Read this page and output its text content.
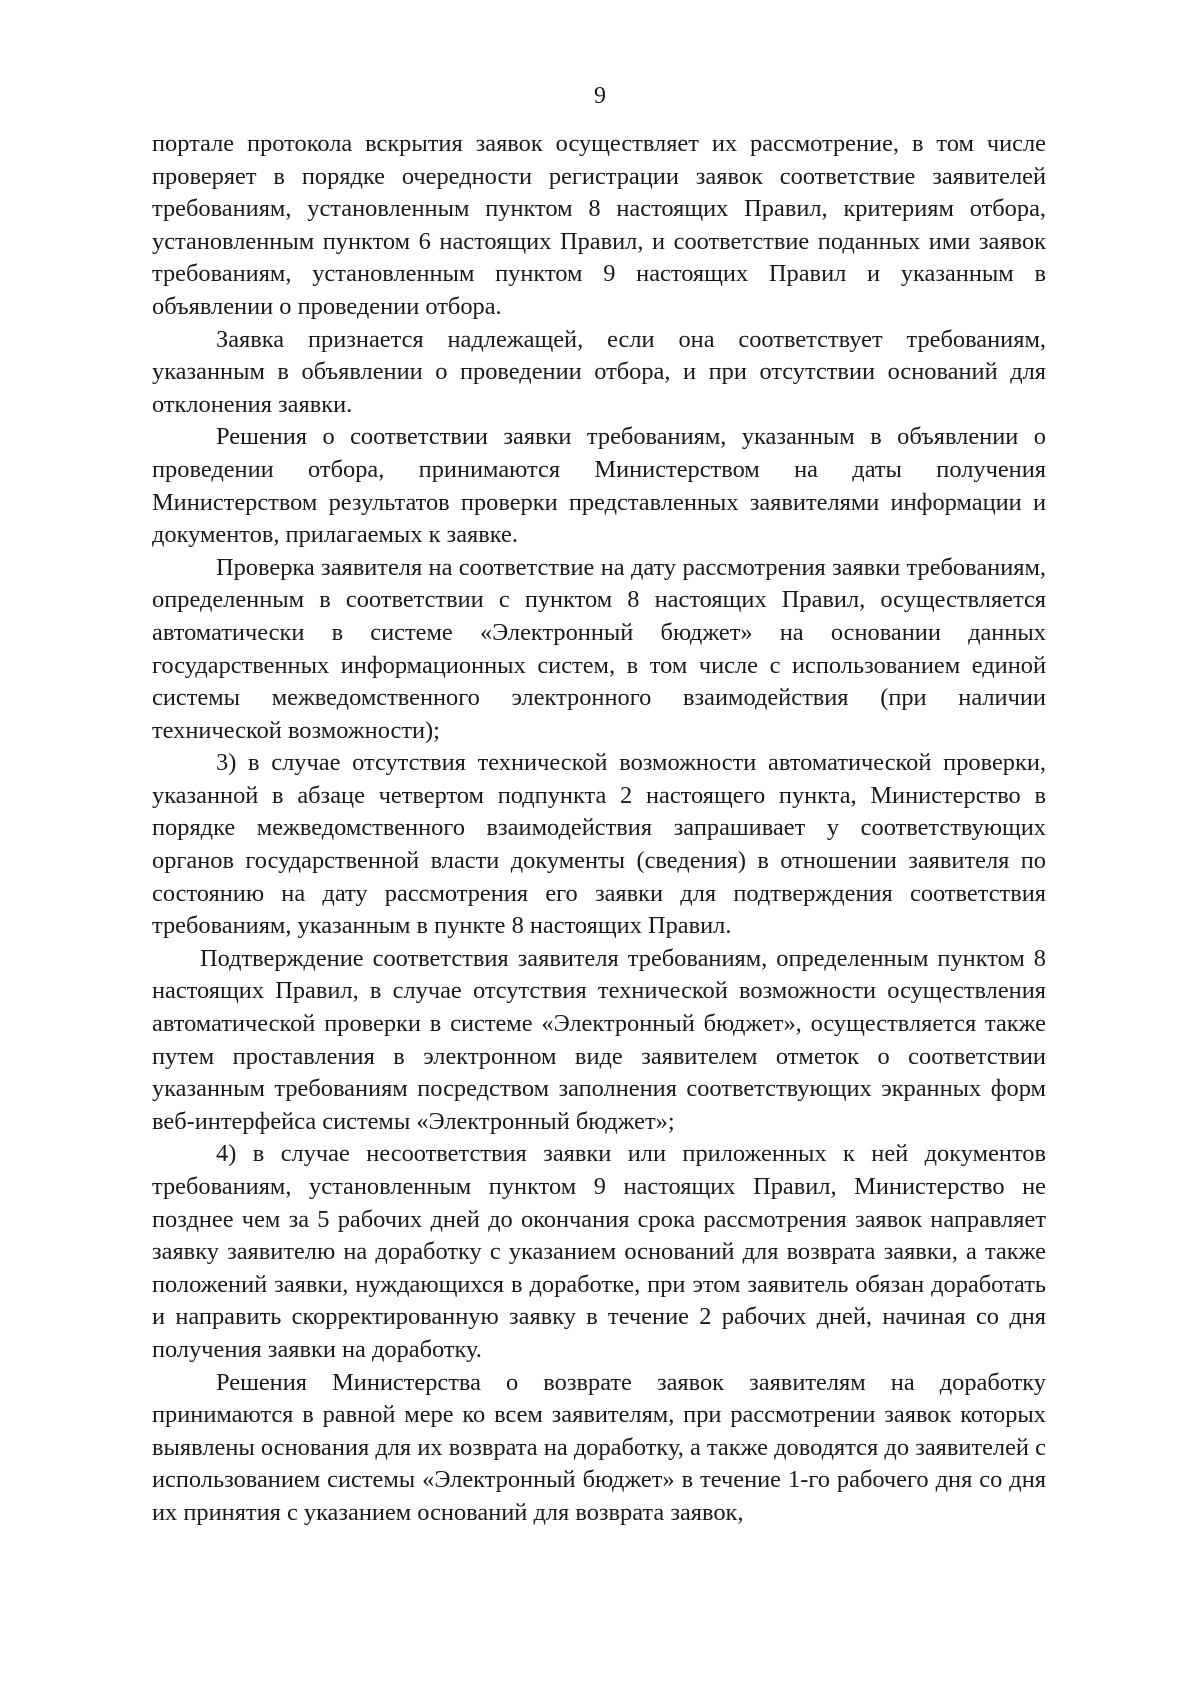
9

порталe протокола вскрытия заявок осуществляет их рассмотрение, в том числе проверяет в порядке очередности регистрации заявок соответствие заявителей требованиям, установленным пунктом 8 настоящих Правил, критериям отбора, установленным пунктом 6 настоящих Правил, и соответствие поданных ими заявок требованиям, установленным пунктом 9 настоящих Правил и указанным в объявлении о проведении отбора.

Заявка признается надлежащей, если она соответствует требованиям, указанным в объявлении о проведении отбора, и при отсутствии оснований для отклонения заявки.

Решения о соответствии заявки требованиям, указанным в объявлении о проведении отбора, принимаются Министерством на даты получения Министерством результатов проверки представленных заявителями информации и документов, прилагаемых к заявке.

Проверка заявителя на соответствие на дату рассмотрения заявки требованиям, определенным в соответствии с пунктом 8 настоящих Правил, осуществляется автоматически в системе «Электронный бюджет» на основании данных государственных информационных систем, в том числе с использованием единой системы межведомственного электронного взаимодействия (при наличии технической возможности);

3) в случае отсутствия технической возможности автоматической проверки, указанной в абзаце четвертом подпункта 2 настоящего пункта, Министерство в порядке межведомственного взаимодействия запрашивает у соответствующих органов государственной власти документы (сведения) в отношении заявителя по состоянию на дату рассмотрения его заявки для подтверждения соответствия требованиям, указанным в пункте 8 настоящих Правил.

Подтверждение соответствия заявителя требованиям, определенным пунктом 8 настоящих Правил, в случае отсутствия технической возможности осуществления автоматической проверки в системе «Электронный бюджет», осуществляется также путем проставления в электронном виде заявителем отметок о соответствии указанным требованиям посредством заполнения соответствующих экранных форм веб-интерфейса системы «Электронный бюджет»;

4) в случае несоответствия заявки или приложенных к ней документов требованиям, установленным пунктом 9 настоящих Правил, Министерство не позднее чем за 5 рабочих дней до окончания срока рассмотрения заявок направляет заявку заявителю на доработку с указанием оснований для возврата заявки, а также положений заявки, нуждающихся в доработке, при этом заявитель обязан доработать и направить скорректированную заявку в течение 2 рабочих дней, начиная со дня получения заявки на доработку.

Решения Министерства о возврате заявок заявителям на доработку принимаются в равной мере ко всем заявителям, при рассмотрении заявок которых выявлены основания для их возврата на доработку, а также доводятся до заявителей с использованием системы «Электронный бюджет» в течение 1-го рабочего дня со дня их принятия с указанием оснований для возврата заявок,
